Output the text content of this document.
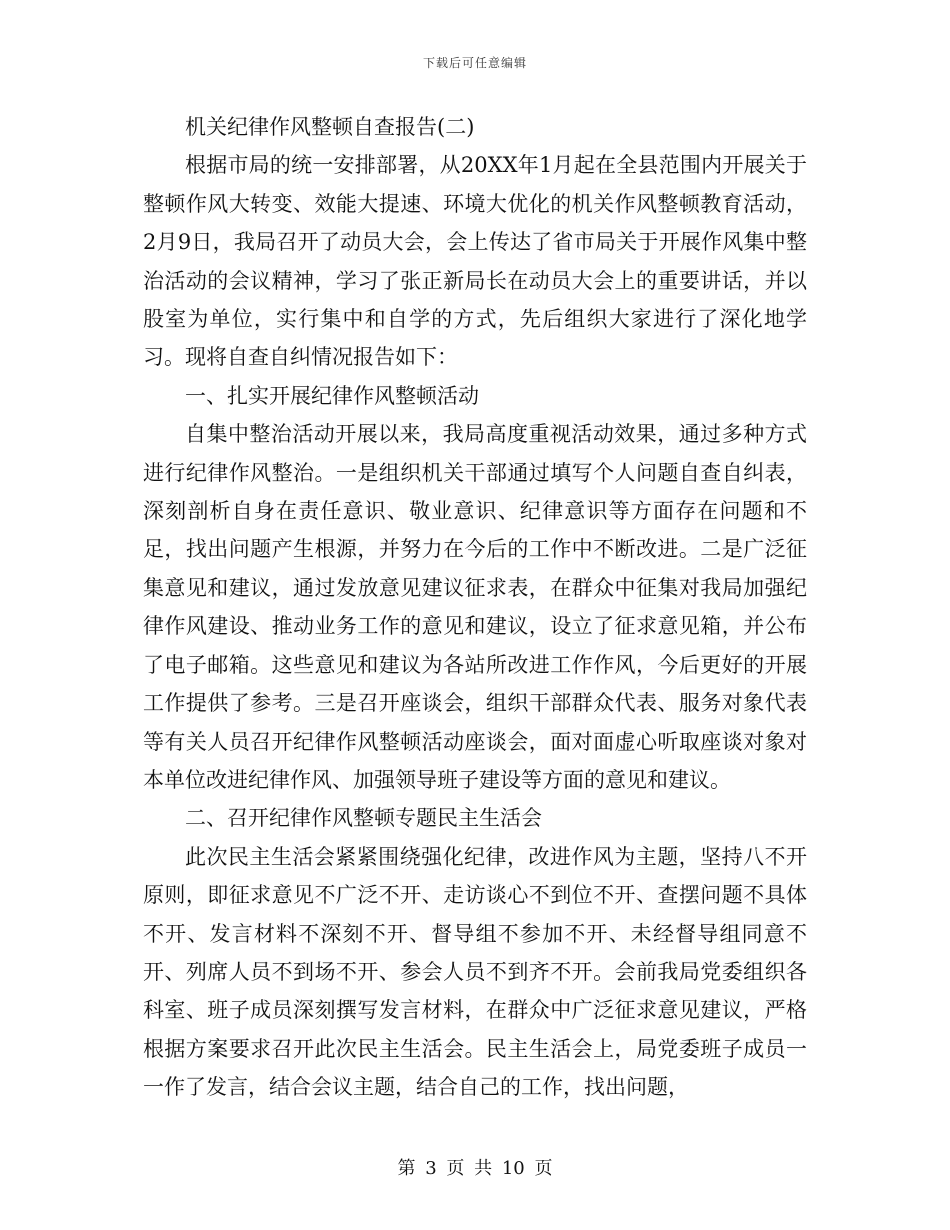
下载后可任意编辑

机关纪律作风整顿自查报告(二)

根据市局的统一安排部署，从20XX年1月起在全县范围内开展关于整顿作风大转变、效能大提速、环境大优化的机关作风整顿教育活动，2月9日，我局召开了动员大会，会上传达了省市局关于开展作风集中整治活动的会议精神，学习了张正新局长在动员大会上的重要讲话，并以股室为单位，实行集中和自学的方式，先后组织大家进行了深化地学习。现将自查自纠情况报告如下：

一、扎实开展纪律作风整顿活动

自集中整治活动开展以来，我局高度重视活动效果，通过多种方式进行纪律作风整治。一是组织机关干部通过填写个人问题自查自纠表，深刻剖析自身在责任意识、敬业意识、纪律意识等方面存在问题和不足，找出问题产生根源，并努力在今后的工作中不断改进。二是广泛征集意见和建议，通过发放意见建议征求表，在群众中征集对我局加强纪律作风建设、推动业务工作的意见和建议，设立了征求意见箱，并公布了电子邮箱。这些意见和建议为各站所改进工作作风，今后更好的开展工作提供了参考。三是召开座谈会，组织干部群众代表、服务对象代表等有关人员召开纪律作风整顿活动座谈会，面对面虚心听取座谈对象对本单位改进纪律作风、加强领导班子建设等方面的意见和建议。

二、召开纪律作风整顿专题民主生活会

此次民主生活会紧紧围绕强化纪律，改进作风为主题，坚持八不开原则，即征求意见不广泛不开、走访谈心不到位不开、查摆问题不具体不开、发言材料不深刻不开、督导组不参加不开、未经督导组同意不开、列席人员不到场不开、参会人员不到齐不开。会前我局党委组织各科室、班子成员深刻撰写发言材料，在群众中广泛征求意见建议，严格根据方案要求召开此次民主生活会。民主生活会上，局党委班子成员一一作了发言，结合会议主题，结合自己的工作，找出问题，

第 3 页 共 10 页
